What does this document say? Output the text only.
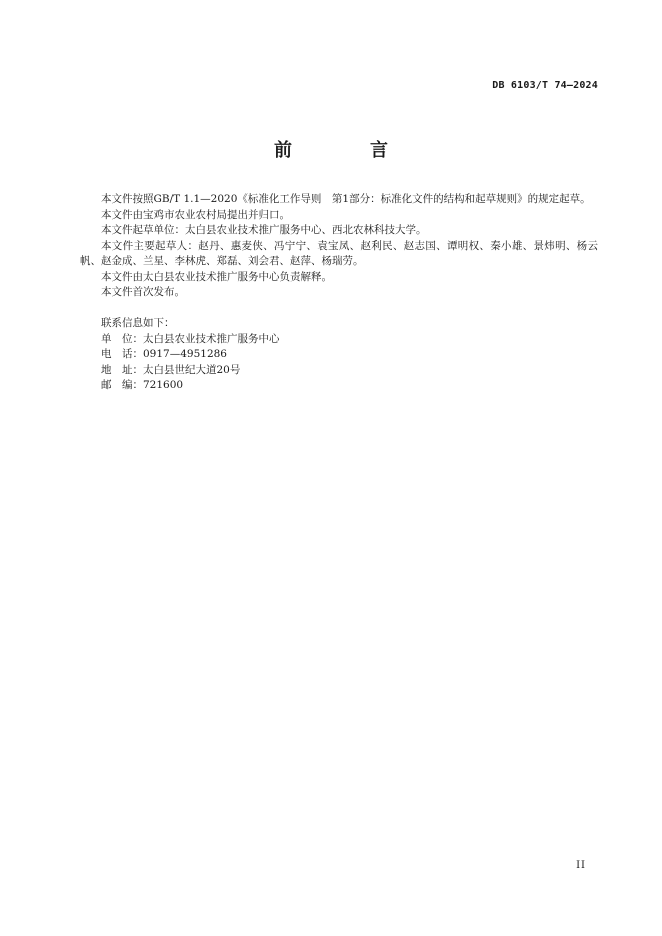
DB 6103/T 74—2024
前　言

本文件按照GB/T 1.1—2020《标准化工作导则　第1部分：标准化文件的结构和起草规则》的规定起草。

本文件由宝鸡市农业农村局提出并归口。

本文件起草单位：太白县农业技术推广服务中心、西北农林科技大学。

本文件主要起草人：赵丹、惠麦侠、冯宁宁、袁宝凤、赵利民、赵志国、谭明权、秦小雄、景炜明、杨云帆、赵金成、兰星、李林虎、郑磊、刘会君、赵萍、杨瑞劳。

本文件由太白县农业技术推广服务中心负责解释。

本文件首次发布。

联系信息如下：

单　位：太白县农业技术推广服务中心

电　话：0917—4951286

地　址：太白县世纪大道20号

邮　编：721600

II
